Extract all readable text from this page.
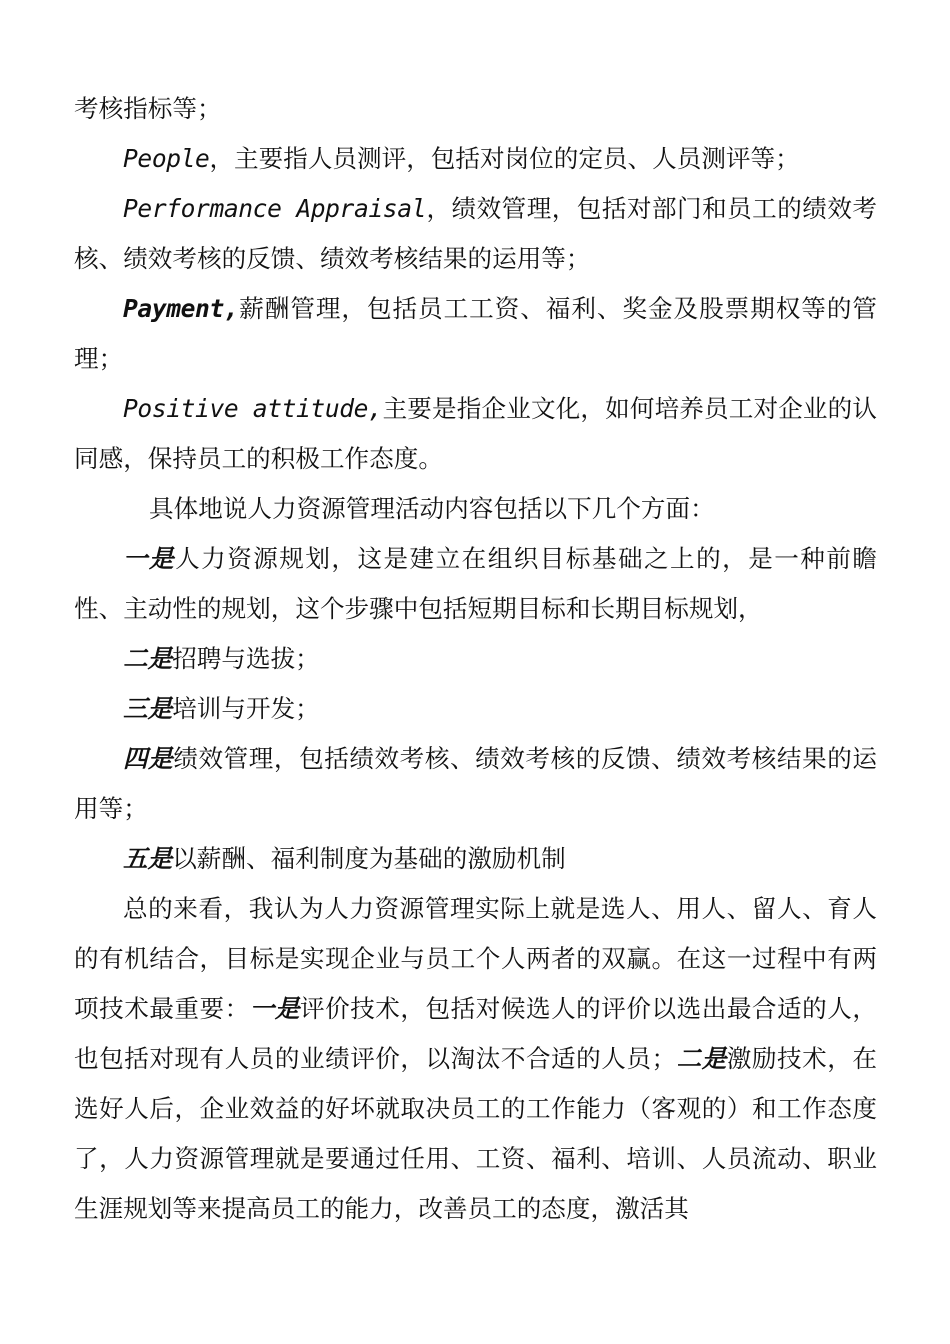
考核指标等；

People，主要指人员测评，包括对岗位的定员、人员测评等；

Performance Appraisal，绩效管理，包括对部门和员工的绩效考核、绩效考核的反馈、绩效考核结果的运用等；

Payment,薪酬管理，包括员工工资、福利、奖金及股票期权等的管理；

Positive attitude,主要是指企业文化，如何培养员工对企业的认同感，保持员工的积极工作态度。

具体地说人力资源管理活动内容包括以下几个方面：

一是人力资源规划，这是建立在组织目标基础之上的，是一种前瞻性、主动性的规划，这个步骤中包括短期目标和长期目标规划，

二是招聘与选拔；

三是培训与开发；

四是绩效管理，包括绩效考核、绩效考核的反馈、绩效考核结果的运用等；

五是以薪酬、福利制度为基础的激励机制

总的来看，我认为人力资源管理实际上就是选人、用人、留人、育人的有机结合，目标是实现企业与员工个人两者的双赢。在这一过程中有两项技术最重要：一是评价技术，包括对候选人的评价以选出最合适的人，也包括对现有人员的业绩评价，以淘汰不合适的人员；二是激励技术，在选好人后，企业效益的好坏就取决员工的工作能力（客观的）和工作态度了，人力资源管理就是要通过任用、工资、福利、培训、人员流动、职业生涯规划等来提高员工的能力，改善员工的态度，激活其
